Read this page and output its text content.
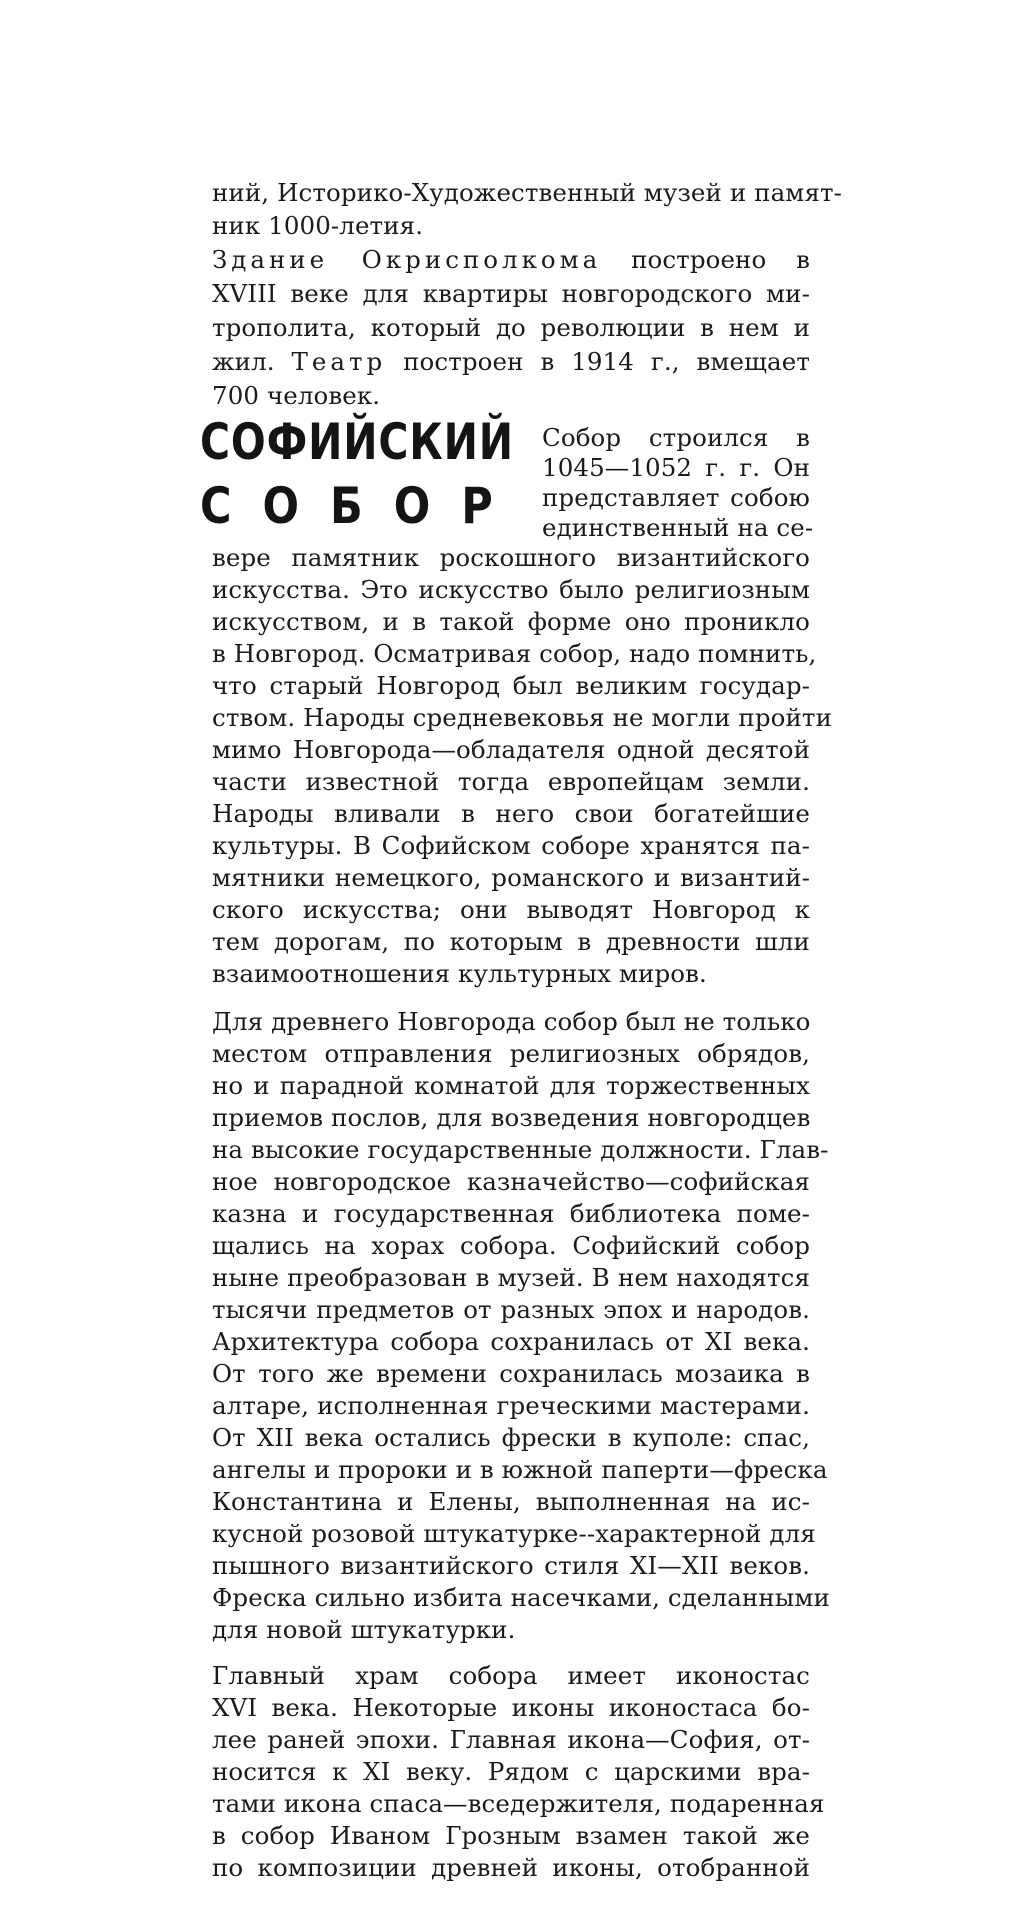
ний, Историко-Художественный музей и памят-
ник 1000-летия.
Здание Окрисполкома построено в
XVIII веке для квартиры новгородского ми-
трополита, который до революции в нем и
жил. Театр построен в 1914 г., вмещает
700 человек.
СОФИЙСКИЙ
СОБОР
Собор строился в
1045—1052 г. г. Он
представляет собою
единственный на се-
вере памятник роскошного византийского
искусства. Это искусство было религиозным
искусством, и в такой форме оно проникло
в Новгород. Осматривая собор, надо помнить,
что старый Новгород был великим государ-
ством. Народы средневековья не могли пройти
мимо Новгорода—обладателя одной десятой
части известной тогда европейцам земли.
Народы вливали в него свои богатейшие
культуры. В Софийском соборе хранятся па-
мятники немецкого, романского и византий-
ского искусства; они выводят Новгород к
тем дорогам, по которым в древности шли
взаимоотношения культурных миров.
Для древнего Новгорода собор был не только
местом отправления религиозных обрядов,
но и парадной комнатой для торжественных
приемов послов, для возведения новгородцев
на высокие государственные должности. Глав-
ное новгородское казначейство—софийская
казна и государственная библиотека поме-
щались на хорах собора. Софийский собор
ныне преобразован в музей. В нем находятся
тысячи предметов от разных эпох и народов.
Архитектура собора сохранилась от XI века.
От того же времени сохранилась мозаика в
алтаре, исполненная греческими мастерами.
От XII века остались фрески в куполе: спас,
ангелы и пророки и в южной паперти—фреска
Константина и Елены, выполненная на ис-
кусной розовой штукатурке--характерной для
пышного византийского стиля XI—XII веков.
Фреска сильно избита насечками, сделанными
для новой штукатурки.
Главный храм собора имеет иконостас
XVI века. Некоторые иконы иконостаса бо-
лее раней эпохи. Главная икона—София, от-
носится к XI веку. Рядом с царскими вра-
тами икона спаса—вседержителя, подаренная
в собор Иваном Грозным взамен такой же
по композиции древней иконы, отобранной
